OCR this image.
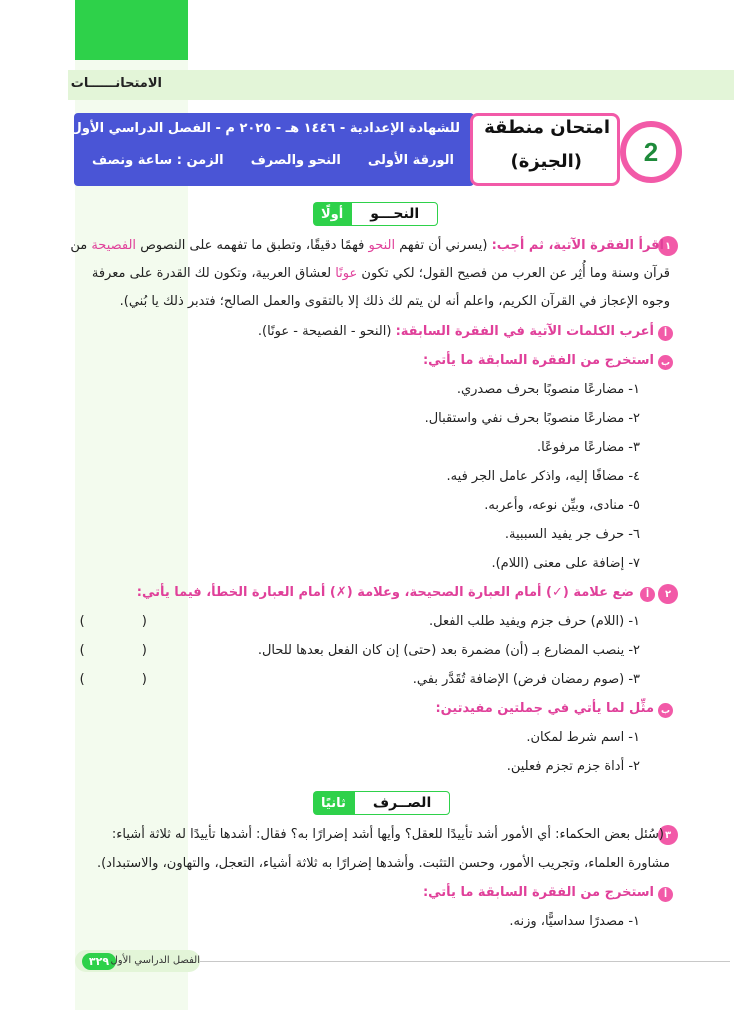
الامتحانــــــات
للشهادة الإعدادية - ١٤٤٦ هـ - ٢٠٢٥ م - الفصل الدراسي الأول
الورقة الأولى
النحو والصرف
الزمن : ساعة ونصف
امتحان منطقة
(الجيزة) 2
النحـــو
أولًا
١
اقرأ الفقرة الآتية، ثم أجب: (يسرني أن تفهم النحو فهمًا دقيقًا، وتطبق ما تفهمه على النصوص الفصيحة من
قرآن وسنة وما أُثِر عن العرب من فصيح القول؛ لكي تكون عونًا لعشاق العربية، وتكون لك القدرة على معرفة
وجوه الإعجاز في القرآن الكريم، واعلم أنه لن يتم لك ذلك إلا بالتقوى والعمل الصالح؛ فتدبر ذلك يا بُني).
أ
أعرب الكلمات الآتية في الفقرة السابقة: (النحو - الفصيحة - عونًا).
ب
استخرج من الفقرة السابقة ما يأتي:
١- مضارعًا منصوبًا بحرف مصدري.
٢- مضارعًا منصوبًا بحرف نفي واستقبال.
٣- مضارعًا مرفوعًا.
٤- مضافًا إليه، واذكر عامل الجر فيه.
٥- منادى، وبيِّن نوعه، وأعربه.
٦- حرف جر يفيد السببية.
٧- إضافة على معنى (اللام).
٢
أ
ضع علامة (✓) أمام العبارة الصحيحة، وعلامة (✗) أمام العبارة الخطأ، فيما يأتي:
١- (اللام) حرف جزم ويفيد طلب الفعل.
(       )
٢- ينصب المضارع بـ (أن) مضمرة بعد (حتى) إن كان الفعل بعدها للحال.
(       )
٣- (صوم رمضان فرض) الإضافة تُقَدَّر بفي.
(       )
ب
مثِّل لما يأتي في جملتين مفيدتين:
١- اسم شرط لمكان.
٢- أداة جزم تجزم فعلين.
الصــرف
ثانيًا
٣
(سُئل بعض الحكماء: أي الأمور أشد تأييدًا للعقل؟ وأيها أشد إضرارًا به؟ فقال: أشدها تأييدًا له ثلاثة أشياء:
مشاورة العلماء، وتجريب الأمور، وحسن التثبت. وأشدها إضرارًا به ثلاثة أشياء، التعجل، والتهاون، والاستبداد).
أ
استخرج من الفقرة السابقة ما يأتي:
١- مصدرًا سداسيًّا، وزنه.
٣٢٩ الفصل الدراسي الأول
